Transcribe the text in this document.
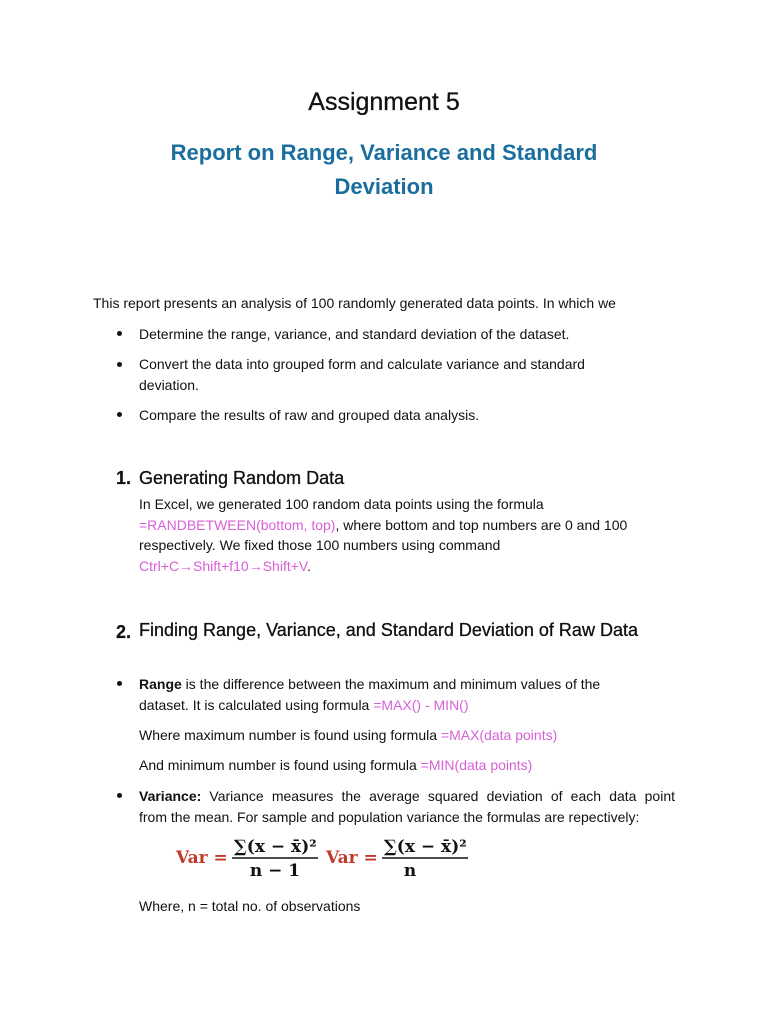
Assignment 5
Report on Range, Variance and Standard Deviation
This report presents an analysis of 100 randomly generated data points. In which we
Determine the range, variance, and standard deviation of the dataset.
Convert the data into grouped form and calculate variance and standard deviation.
Compare the results of raw and grouped data analysis.
1. Generating Random Data
In Excel, we generated 100 random data points using the formula
=RANDBETWEEN(bottom, top), where bottom and top numbers are 0 and 100
respectively. We fixed those 100 numbers using command
Ctrl+C→Shift+f10→Shift+V.
2. Finding Range, Variance, and Standard Deviation of Raw Data
Range is the difference between the maximum and minimum values of the
dataset. It is calculated using formula =MAX() - MIN()
Where maximum number is found using formula =MAX(data points)
And minimum number is found using formula =MIN(data points)
Variance: Variance measures the average squared deviation of each data point
from the mean. For sample and population variance the formulas are repectively:
Var =
∑(x − x̄)²
n − 1
Var =
∑(x − x̄)²
n
Where, n = total no. of observations
